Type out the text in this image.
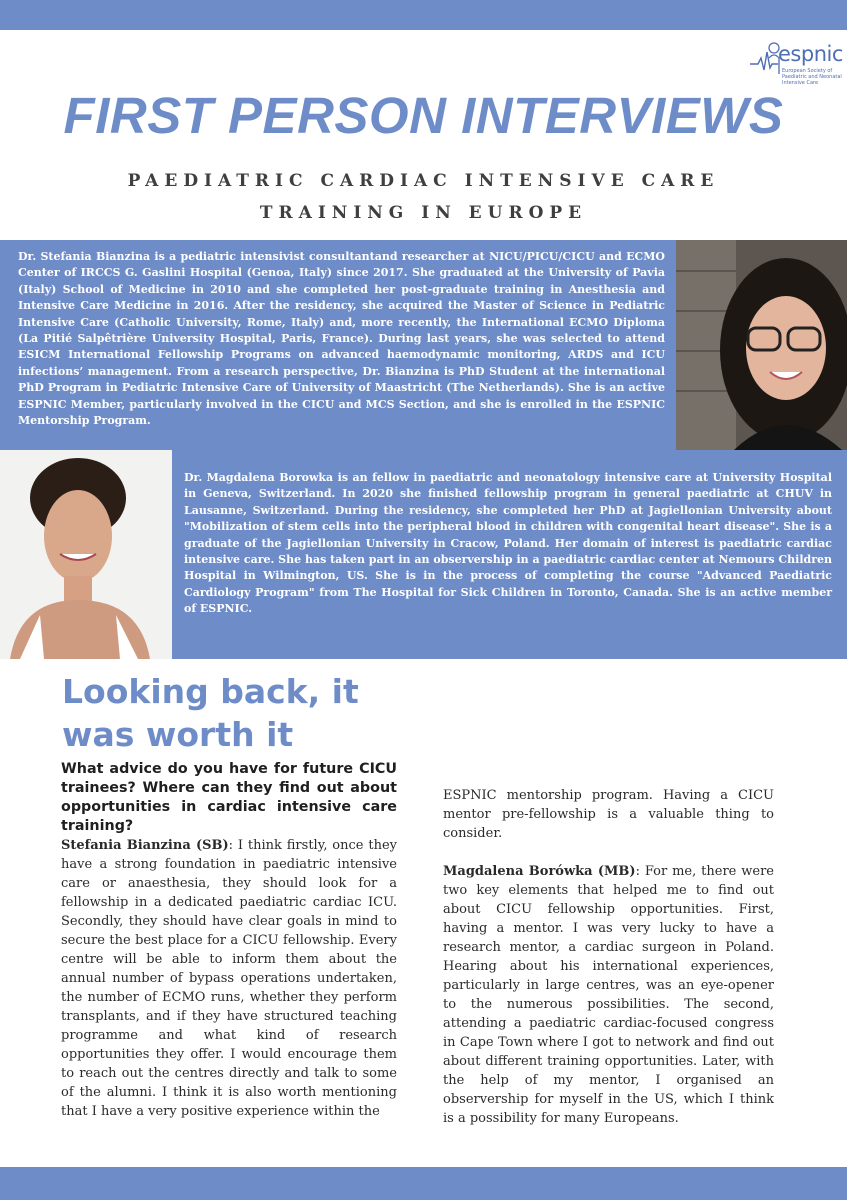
espnic
European Society of Paediatric and Neonatal Intensive Care
FIRST PERSON INTERVIEWS
PAEDIATRIC CARDIAC INTENSIVE CARE
TRAINING IN EUROPE

Dr. Stefania Bianzina is a pediatric intensivist consultantand researcher at NICU/PICU/CICU and ECMO Center of IRCCS G. Gaslini Hospital (Genoa, Italy) since 2017. She graduated at the University of Pavia (Italy) School of Medicine in 2010 and she completed her post-graduate training in Anesthesia and Intensive Care Medicine in 2016. After the residency, she acquired the Master of Science in Pediatric Intensive Care (Catholic University, Rome, Italy) and, more recently, the International ECMO Diploma (La Pitié Salpêtrière University Hospital, Paris, France). During last years, she was selected to attend ESICM International Fellowship Programs on advanced haemodynamic monitoring, ARDS and ICU infections’ management. From a research perspective, Dr. Bianzina is PhD Student at the international PhD Program in Pediatric Intensive Care of University of Maastricht (The Netherlands). She is an active ESPNIC Member, particularly involved in the CICU and MCS Section, and she is enrolled in the ESPNIC Mentorship Program.

Dr. Magdalena Borowka is an fellow in paediatric and neonatology intensive care at University Hospital in Geneva, Switzerland. In 2020 she finished fellowship program in general paediatric at CHUV in Lausanne, Switzerland. During the residency, she completed her PhD at Jagiellonian University about "Mobilization of stem cells into the peripheral blood in children with congenital heart disease". She is a graduate of the Jagiellonian University in Cracow, Poland. Her domain of interest is paediatric cardiac intensive care. She has taken part in an observership in a paediatric cardiac center at Nemours Children Hospital in Wilmington, US. She is in the process of completing the course "Advanced Paediatric Cardiology Program" from The Hospital for Sick Children in Toronto, Canada. She is an active member of ESPNIC.

Looking back, it was worth it

What advice do you have for future CICU trainees? Where can they find out about opportunities in cardiac intensive care training?

Stefania Bianzina (SB): I think firstly, once they have a strong foundation in paediatric intensive care or anaesthesia, they should look for a fellowship in a dedicated paediatric cardiac ICU. Secondly, they should have clear goals in mind to secure the best place for a CICU fellowship. Every centre will be able to inform them about the annual number of bypass operations undertaken, the number of ECMO runs, whether they perform transplants, and if they have structured teaching programme and what kind of research opportunities they offer. I would encourage them to reach out the centres directly and talk to some of the alumni. I think it is also worth mentioning that I have a very positive experience within the

ESPNIC mentorship program. Having a CICU mentor pre-fellowship is a valuable thing to consider.

Magdalena Borówka (MB): For me, there were two key elements that helped me to find out about CICU fellowship opportunities. First, having a mentor. I was very lucky to have a research mentor, a cardiac surgeon in Poland. Hearing about his international experiences, particularly in large centres, was an eye-opener to the numerous possibilities. The second, attending a paediatric cardiac-focused congress in Cape Town where I got to network and find out about different training opportunities. Later, with the help of my mentor, I organised an observership for myself in the US, which I think is a possibility for many Europeans.
